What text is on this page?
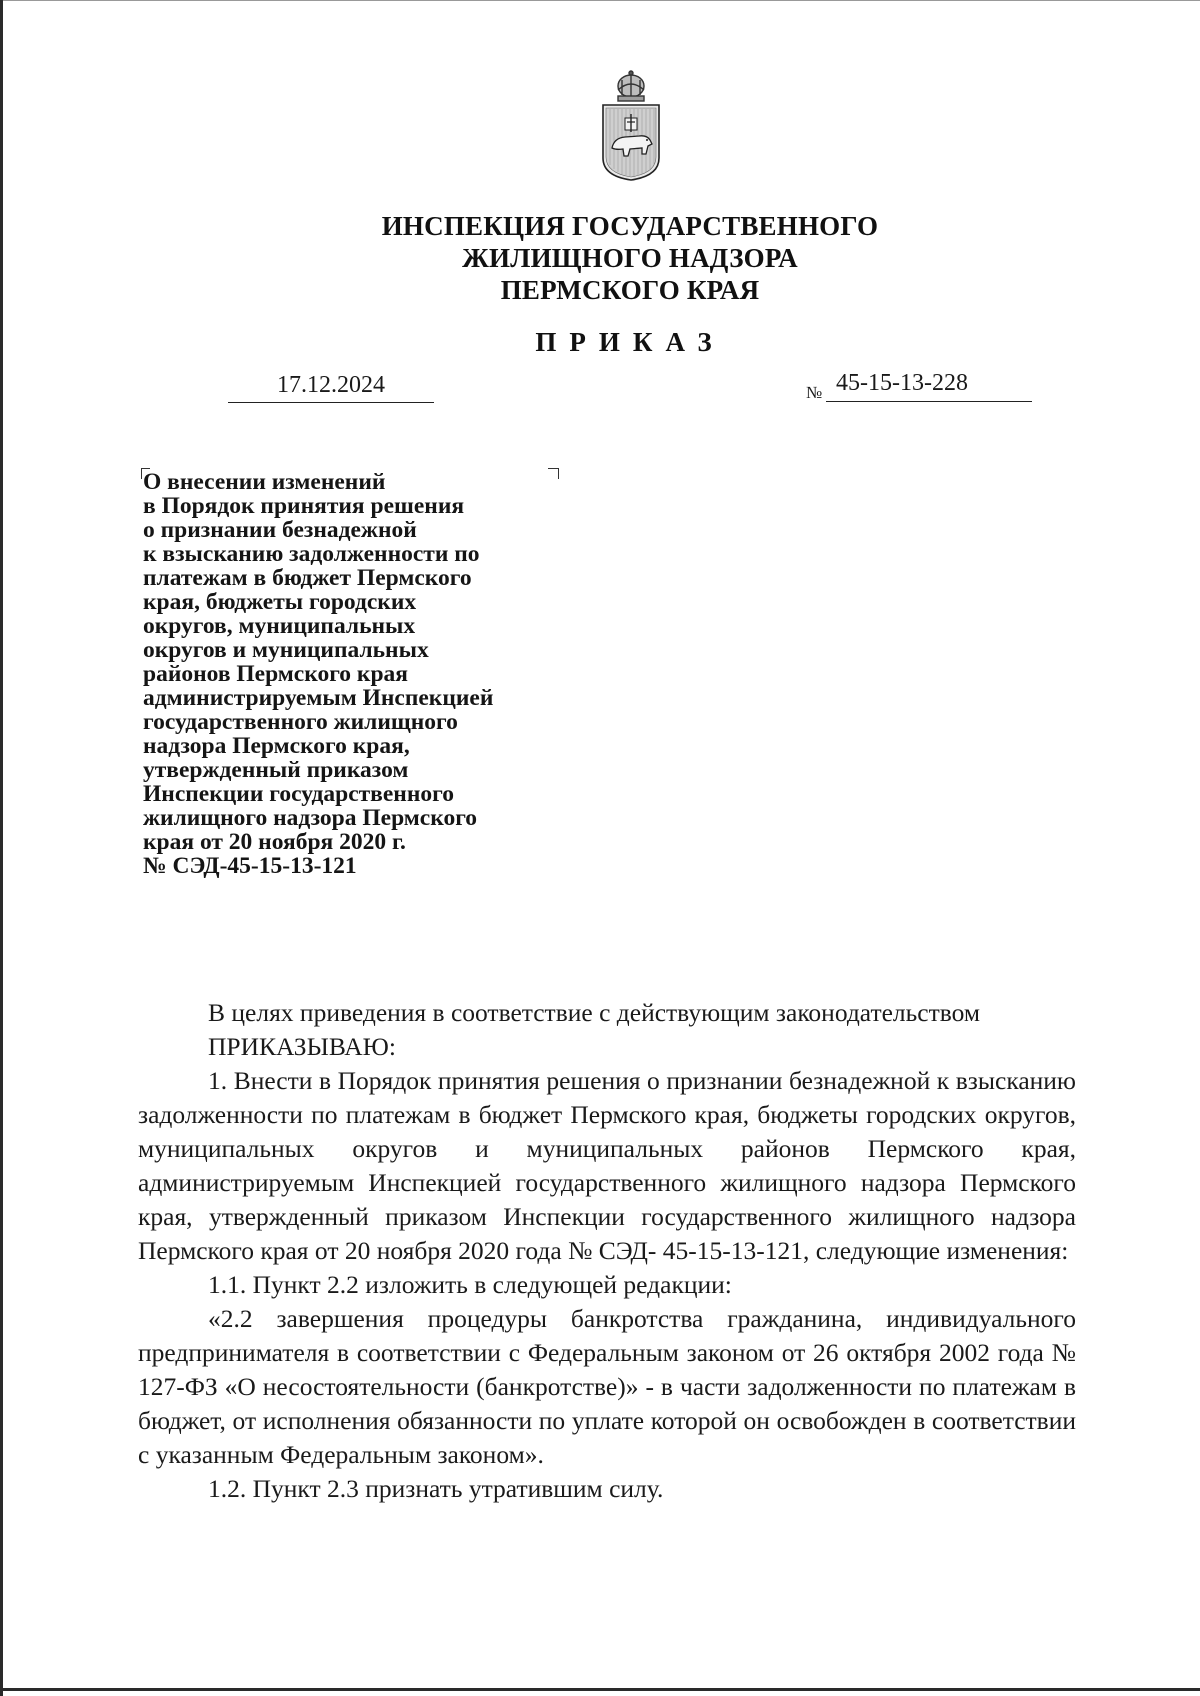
ИНСПЕКЦИЯ ГОСУДАРСТВЕННОГО
ЖИЛИЩНОГО НАДЗОРА
ПЕРМСКОГО КРАЯ
ПРИКАЗ
17.12.2024	№ 45-15-13-228
О внесении изменений
в Порядок принятия решения
о признании безнадежной
к взысканию задолженности по
платежам в бюджет Пермского
края, бюджеты городских
округов, муниципальных
округов и муниципальных
районов Пермского края
администрируемым Инспекцией
государственного жилищного
надзора Пермского края,
утвержденный приказом
Инспекции государственного
жилищного надзора Пермского
края от 20 ноября 2020 г.
№ СЭД-45-15-13-121

В целях приведения в соответствие с действующим законодательством

ПРИКАЗЫВАЮ:

1. Внести в Порядок принятия решения о признании безнадежной к взысканию задолженности по платежам в бюджет Пермского края, бюджеты городских округов, муниципальных округов и муниципальных районов Пермского края, администрируемым Инспекцией государственного жилищного надзора Пермского края, утвержденный приказом Инспекции государственного жилищного надзора Пермского края от 20 ноября 2020 года № СЭД- 45-15-13-121, следующие изменения:

1.1. Пункт 2.2 изложить в следующей редакции:

«2.2 завершения процедуры банкротства гражданина, индивидуального предпринимателя в соответствии с Федеральным законом от 26 октября 2002 года № 127-ФЗ «О несостоятельности (банкротстве)» - в части задолженности по платежам в бюджет, от исполнения обязанности по уплате которой он освобожден в соответствии с указанным Федеральным законом».

1.2. Пункт 2.3 признать утратившим силу.
